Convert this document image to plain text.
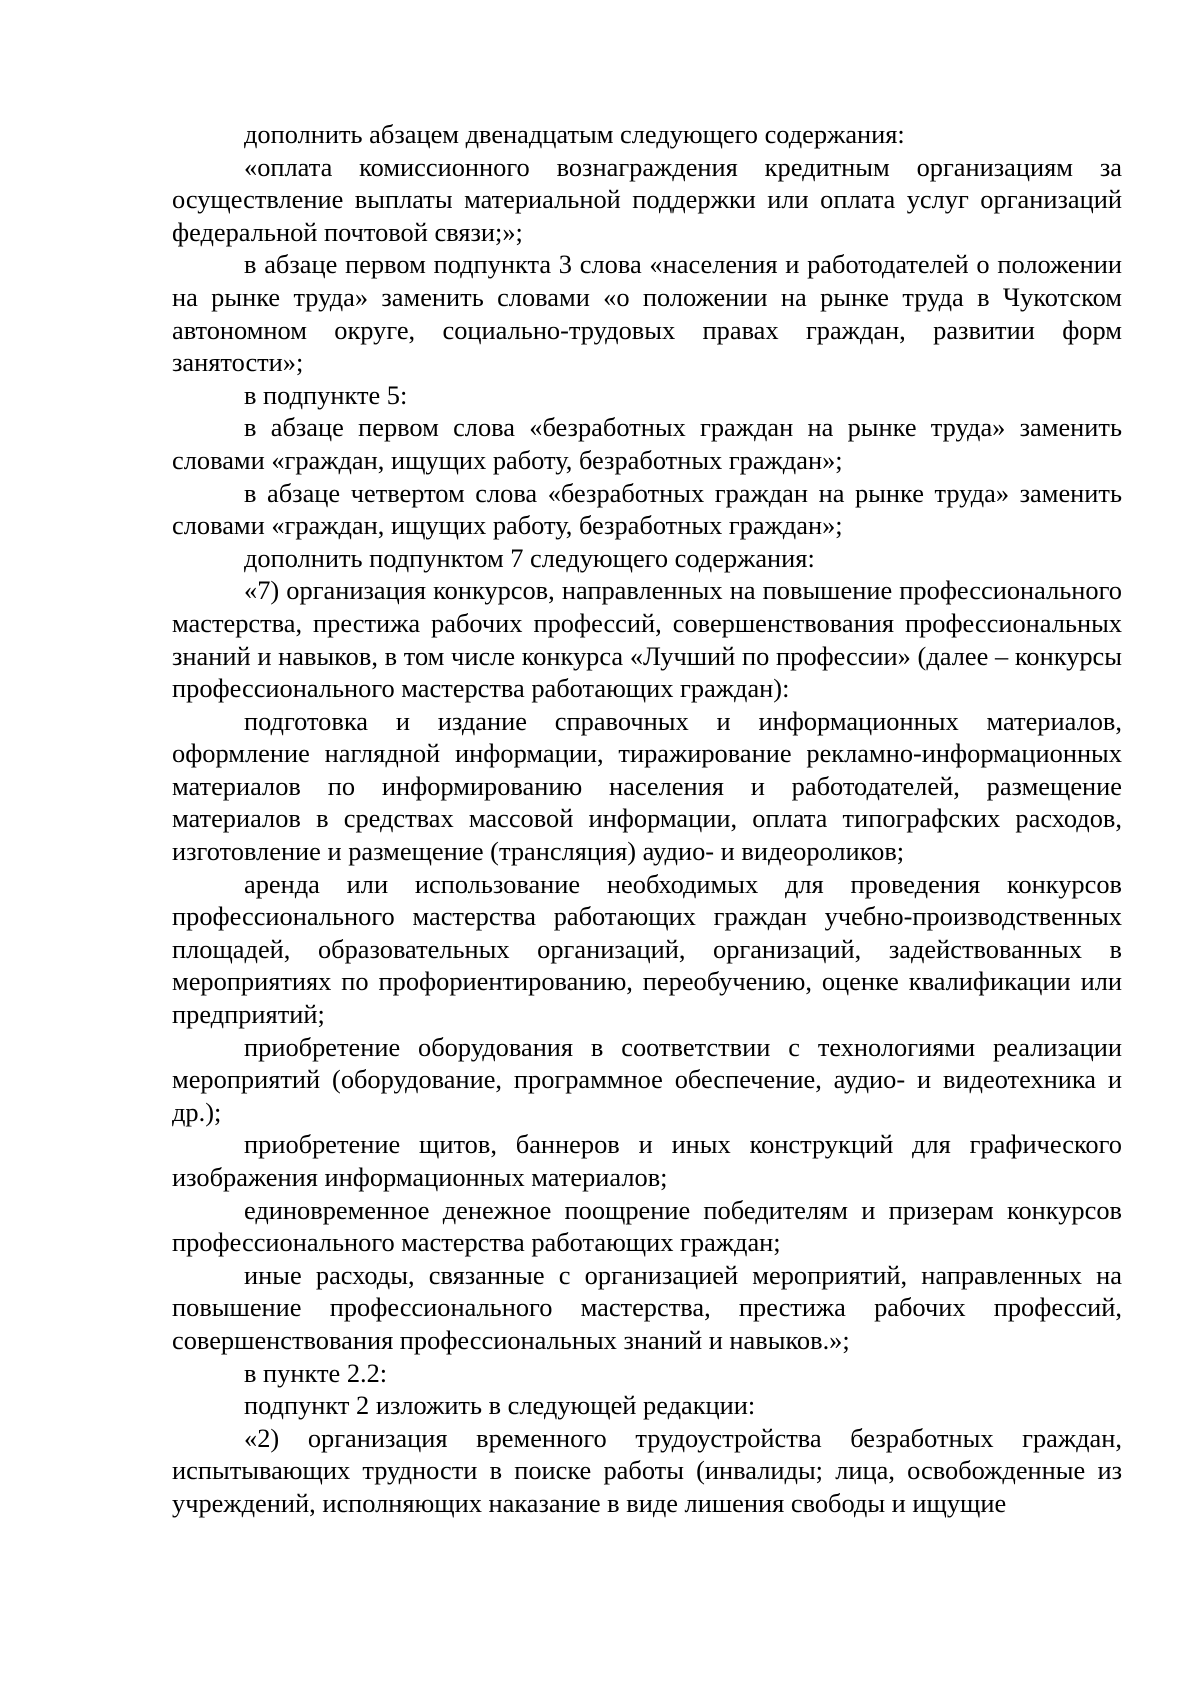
дополнить абзацем двенадцатым следующего содержания:

«оплата комиссионного вознаграждения кредитным организациям за осуществление выплаты материальной поддержки или оплата услуг организаций федеральной почтовой связи;»;

в абзаце первом подпункта 3 слова «населения и работодателей о положении на рынке труда» заменить словами «о положении на рынке труда в Чукотском автономном округе, социально-трудовых правах граждан, развитии форм занятости»;

в подпункте 5:

в абзаце первом слова «безработных граждан на рынке труда» заменить словами «граждан, ищущих работу, безработных граждан»;

в абзаце четвертом слова «безработных граждан на рынке труда» заменить словами «граждан, ищущих работу, безработных граждан»;

дополнить подпунктом 7 следующего содержания:

«7) организация конкурсов, направленных на повышение профессионального мастерства, престижа рабочих профессий, совершенствования профессиональных знаний и навыков, в том числе конкурса «Лучший по профессии» (далее – конкурсы профессионального мастерства работающих граждан):

подготовка и издание справочных и информационных материалов, оформление наглядной информации, тиражирование рекламно-информационных материалов по информированию населения и работодателей, размещение материалов в средствах массовой информации, оплата типографских расходов, изготовление и размещение (трансляция) аудио- и видеороликов;

аренда или использование необходимых для проведения конкурсов профессионального мастерства работающих граждан учебно-производственных площадей, образовательных организаций, организаций, задействованных в мероприятиях по профориентированию, переобучению, оценке квалификации или предприятий;

приобретение оборудования в соответствии с технологиями реализации мероприятий (оборудование, программное обеспечение, аудио- и видеотехника и др.);

приобретение щитов, баннеров и иных конструкций для графического изображения информационных материалов;

единовременное денежное поощрение победителям и призерам конкурсов профессионального мастерства работающих граждан;

иные расходы, связанные с организацией мероприятий, направленных на повышение профессионального мастерства, престижа рабочих профессий, совершенствования профессиональных знаний и навыков.»;

в пункте 2.2:

подпункт 2 изложить в следующей редакции:

«2) организация временного трудоустройства безработных граждан, испытывающих трудности в поиске работы (инвалиды; лица, освобожденные из учреждений, исполняющих наказание в виде лишения свободы и ищущие
